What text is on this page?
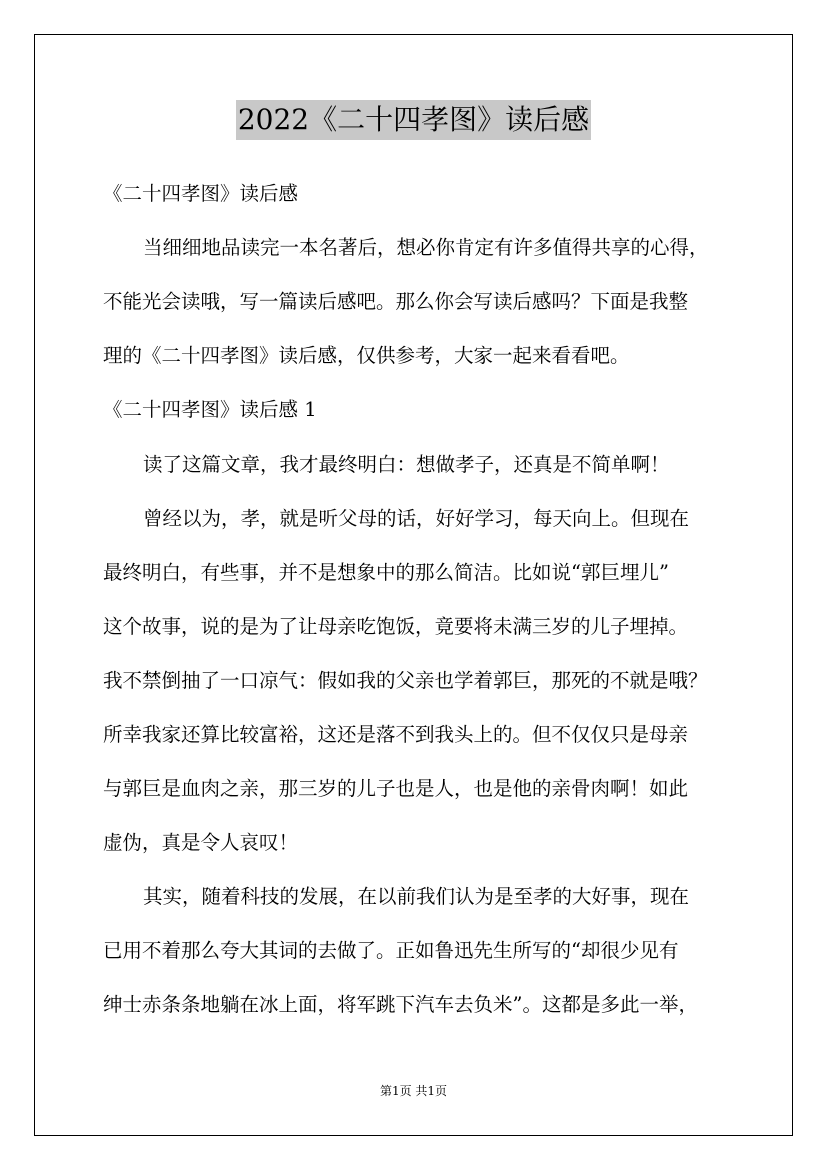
2022《二十四孝图》读后感
《二十四孝图》读后感
当细细地品读完一本名著后，想必你肯定有许多值得共享的心得，
不能光会读哦，写一篇读后感吧。那么你会写读后感吗？下面是我整
理的《二十四孝图》读后感，仅供参考，大家一起来看看吧。
《二十四孝图》读后感 1
读了这篇文章，我才最终明白：想做孝子，还真是不简单啊！
曾经以为，孝，就是听父母的话，好好学习，每天向上。但现在
最终明白，有些事，并不是想象中的那么简洁。比如说“郭巨埋儿”
这个故事，说的是为了让母亲吃饱饭，竟要将未满三岁的儿子埋掉。
我不禁倒抽了一口凉气：假如我的父亲也学着郭巨，那死的不就是哦？
所幸我家还算比较富裕，这还是落不到我头上的。但不仅仅只是母亲
与郭巨是血肉之亲，那三岁的儿子也是人，也是他的亲骨肉啊！如此
虚伪，真是令人哀叹！
其实，随着科技的发展，在以前我们认为是至孝的大好事，现在
已用不着那么夸大其词的去做了。正如鲁迅先生所写的“却很少见有
绅士赤条条地躺在冰上面，将军跳下汽车去负米”。这都是多此一举，
第1页 共1页
